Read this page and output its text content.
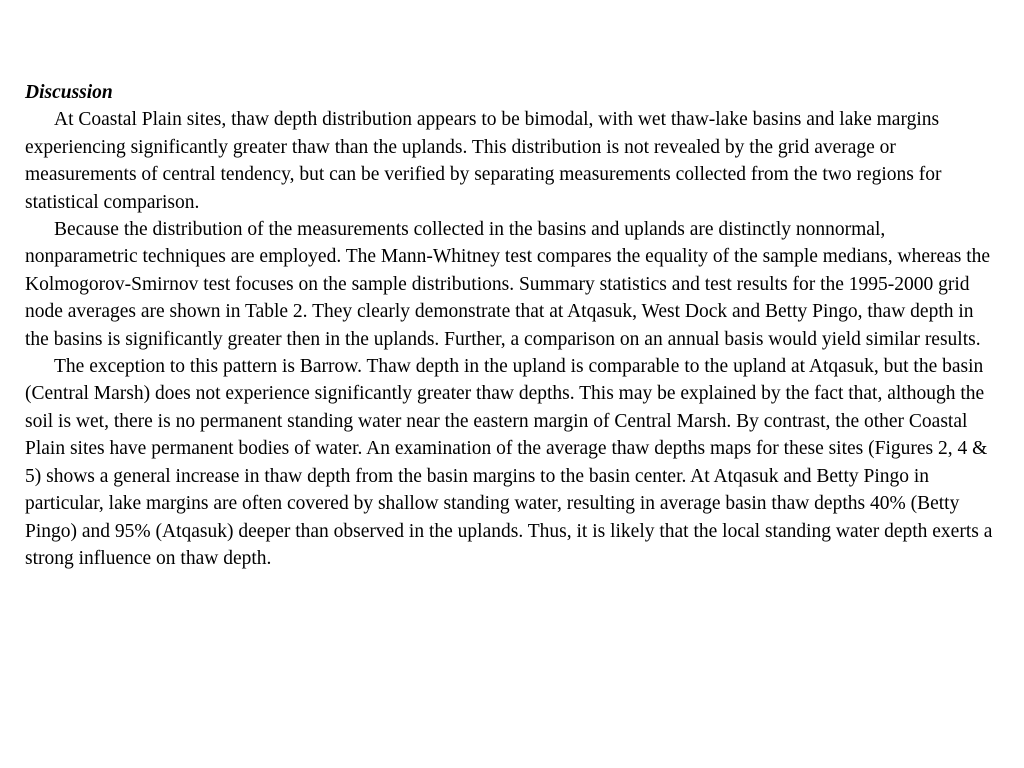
Discussion

At Coastal Plain sites, thaw depth distribution appears to be bimodal, with wet thaw-lake basins and lake margins experiencing significantly greater thaw than the uplands. This distribution is not revealed by the grid average or measurements of central tendency, but can be verified by separating measurements collected from the two regions for statistical comparison.

Because the distribution of the measurements collected in the basins and uplands are distinctly nonnormal, nonparametric techniques are employed. The Mann-Whitney test compares the equality of the sample medians, whereas the Kolmogorov-Smirnov test focuses on the sample distributions. Summary statistics and test results for the 1995-2000 grid node averages are shown in Table 2. They clearly demonstrate that at Atqasuk, West Dock and Betty Pingo, thaw depth in the basins is significantly greater then in the uplands. Further, a comparison on an annual basis would yield similar results.

The exception to this pattern is Barrow. Thaw depth in the upland is comparable to the upland at Atqasuk, but the basin (Central Marsh) does not experience significantly greater thaw depths. This may be explained by the fact that, although the soil is wet, there is no permanent standing water near the eastern margin of Central Marsh. By contrast, the other Coastal Plain sites have permanent bodies of water. An examination of the average thaw depths maps for these sites (Figures 2, 4 & 5) shows a general increase in thaw depth from the basin margins to the basin center. At Atqasuk and Betty Pingo in particular, lake margins are often covered by shallow standing water, resulting in average basin thaw depths 40% (Betty Pingo) and 95% (Atqasuk) deeper than observed in the uplands. Thus, it is likely that the local standing water depth exerts a strong influence on thaw depth.
